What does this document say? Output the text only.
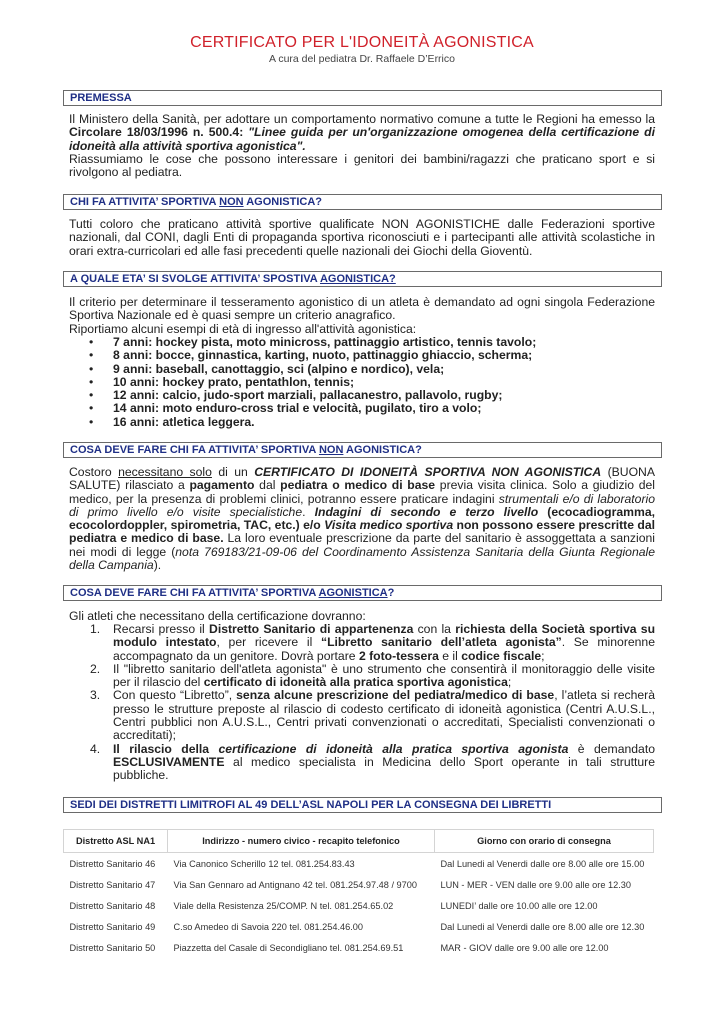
CERTIFICATO PER L'IDONEITÀ AGONISTICA
A cura del pediatra Dr. Raffaele D’Errico
PREMESSA
Il Ministero della Sanità, per adottare un comportamento normativo comune a tutte le Regioni ha emesso la Circolare 18/03/1996 n. 500.4: "Linee guida per un'organizzazione omogenea della certificazione di idoneità alla attività sportiva agonistica".
Riassumiamo le cose che possono interessare i genitori dei bambini/ragazzi che praticano sport e si rivolgono al pediatra.
CHI FA ATTIVITA’ SPORTIVA NON AGONISTICA?
Tutti coloro che praticano attività sportive qualificate NON AGONISTICHE dalle Federazioni sportive nazionali, dal CONI, dagli Enti di propaganda sportiva riconosciuti e i partecipanti alle attività scolastiche in orari extra-curricolari ed alle fasi precedenti quelle nazionali dei Giochi della Gioventù.
A QUALE ETA’ SI SVOLGE ATTIVITA’ SPOSTIVA AGONISTICA?
Il criterio per determinare il tesseramento agonistico di un atleta è demandato ad ogni singola Federazione Sportiva Nazionale ed è quasi sempre un criterio anagrafico.
Riportiamo alcuni esempi di età di ingresso all'attività agonistica:
• 7 anni: hockey pista, moto minicross, pattinaggio artistico, tennis tavolo;
• 8 anni: bocce, ginnastica, karting, nuoto, pattinaggio ghiaccio, scherma;
• 9 anni: baseball, canottaggio, sci (alpino e nordico), vela;
• 10 anni: hockey prato, pentathlon, tennis;
• 12 anni: calcio, judo-sport marziali, pallacanestro, pallavolo, rugby;
• 14 anni: moto enduro-cross trial e velocità, pugilato, tiro a volo;
• 16 anni: atletica leggera.
COSA DEVE FARE CHI FA ATTIVITA’ SPORTIVA NON AGONISTICA?
Costoro necessitano solo di un CERTIFICATO DI IDONEITÀ SPORTIVA NON AGONISTICA (BUONA SALUTE) rilasciato a pagamento dal pediatra o medico di base previa visita clinica. Solo a giudizio del medico, per la presenza di problemi clinici, potranno essere praticare indagini strumentali e/o di laboratorio di primo livello e/o visite specialistiche. Indagini di secondo e terzo livello (ecocadiogramma, ecocolordoppler, spirometria, TAC, etc.) e/o Visita medico sportiva non possono essere prescritte dal pediatra e medico di base. La loro eventuale prescrizione da parte del sanitario è assoggettata a sanzioni nei modi di legge (nota 769183/21-09-06 del Coordinamento Assistenza Sanitaria della Giunta Regionale della Campania).
COSA DEVE FARE CHI FA ATTIVITA’ SPORTIVA AGONISTICA?
Gli atleti che necessitano della certificazione dovranno:
1. Recarsi presso il Distretto Sanitario di appartenenza con la richiesta della Società sportiva su modulo intestato, per ricevere il “Libretto sanitario dell’atleta agonista”. Se minorenne accompagnato da un genitore. Dovrà portare 2 foto-tessera e il codice fiscale;
2. Il "libretto sanitario dell'atleta agonista" è uno strumento che consentirà il monitoraggio delle visite per il rilascio del certificato di idoneità alla pratica sportiva agonistica;
3. Con questo “Libretto”, senza alcune prescrizione del pediatra/medico di base, l’atleta si recherà presso le strutture preposte al rilascio di codesto certificato di idoneità agonistica (Centri A.U.S.L., Centri pubblici non A.U.S.L., Centri privati convenzionati o accreditati, Specialisti convenzionati o accreditati);
4. Il rilascio della certificazione di idoneità alla pratica sportiva agonista è demandato ESCLUSIVAMENTE al medico specialista in Medicina dello Sport operante in tali strutture pubbliche.
SEDI DEI DISTRETTI LIMITROFI AL 49 DELL’ASL NAPOLI PER LA CONSEGNA DEI LIBRETTI
Distretto ASL NA1	Indirizzo - numero civico - recapito telefonico	Giorno con orario di consegna
Distretto Sanitario 46	Via Canonico Scherillo 12 tel. 081.254.83.43	Dal Lunedi al Venerdi dalle ore 8.00 alle ore 15.00
Distretto Sanitario 47	Via San Gennaro ad Antignano 42 tel. 081.254.97.48 / 9700	LUN - MER - VEN dalle ore 9.00 alle ore 12.30
Distretto Sanitario 48	Viale della Resistenza 25/COMP. N tel. 081.254.65.02	LUNEDI’ dalle ore 10.00 alle ore 12.00
Distretto Sanitario 49	C.so Amedeo di Savoia 220 tel. 081.254.46.00	Dal Lunedi al Venerdi dalle ore 8.00 alle ore 12.30
Distretto Sanitario 50	Piazzetta del Casale di Secondigliano tel. 081.254.69.51	MAR - GIOV dalle ore 9.00 alle ore 12.00
